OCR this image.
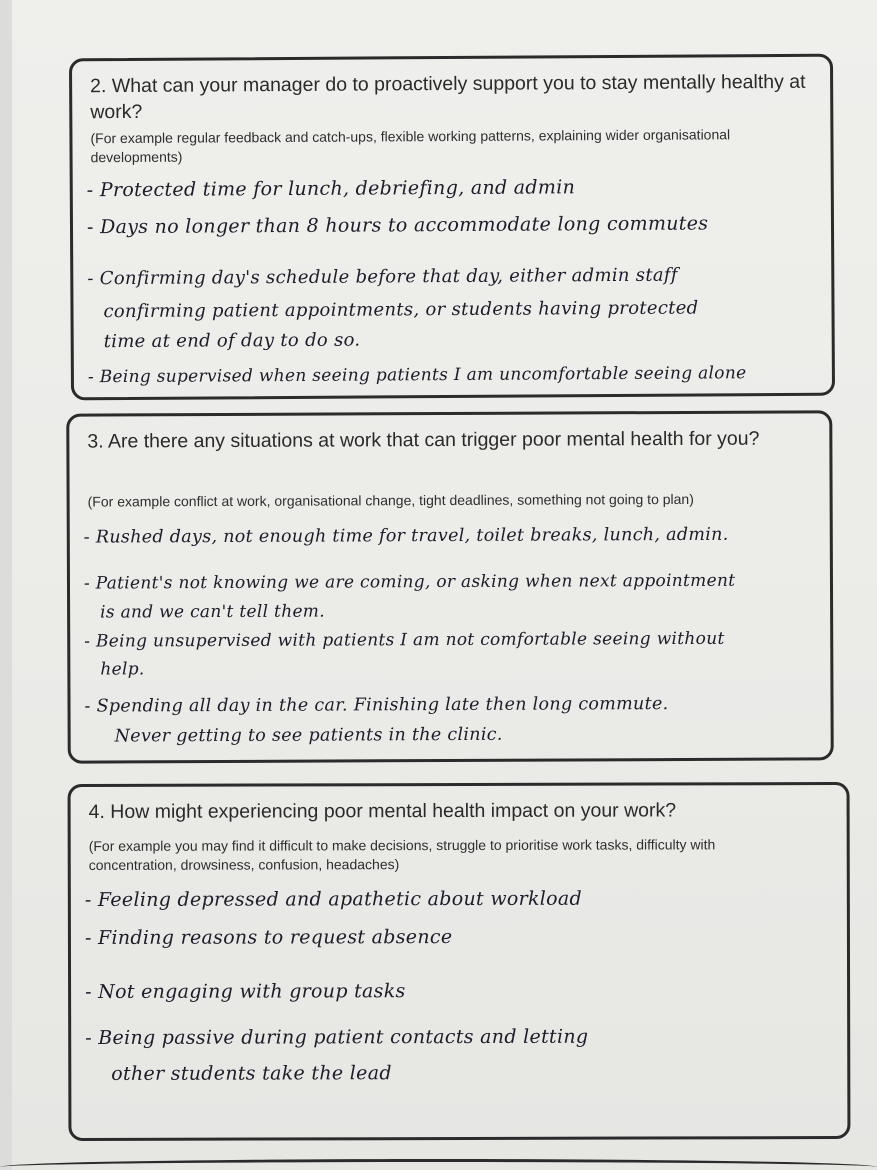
2. What can your manager do to proactively support you to stay mentally healthy at work?

(For example regular feedback and catch-ups, flexible working patterns, explaining wider organisational developments)

- Protected time for lunch, debriefing, and admin
- Days no longer than 8 hours to accommodate long commutes
- Confirming day's schedule before that day, either admin staff
confirming patient appointments, or students having protected
time at end of day to do so.
- Being supervised when seeing patients I am uncomfortable seeing alone

3. Are there any situations at work that can trigger poor mental health for you?

(For example conflict at work, organisational change, tight deadlines, something not going to plan)

- Rushed days, not enough time for travel, toilet breaks, lunch, admin.
- Patient's not knowing we are coming, or asking when next appointment
is and we can't tell them.
- Being unsupervised with patients I am not comfortable seeing without
help.
- Spending all day in the car. Finishing late then long commute.
Never getting to see patients in the clinic.

4. How might experiencing poor mental health impact on your work?

(For example you may find it difficult to make decisions, struggle to prioritise work tasks, difficulty with concentration, drowsiness, confusion, headaches)

- Feeling depressed and apathetic about workload
- Finding reasons to request absence
- Not engaging with group tasks
- Being passive during patient contacts and letting
other students take the lead
